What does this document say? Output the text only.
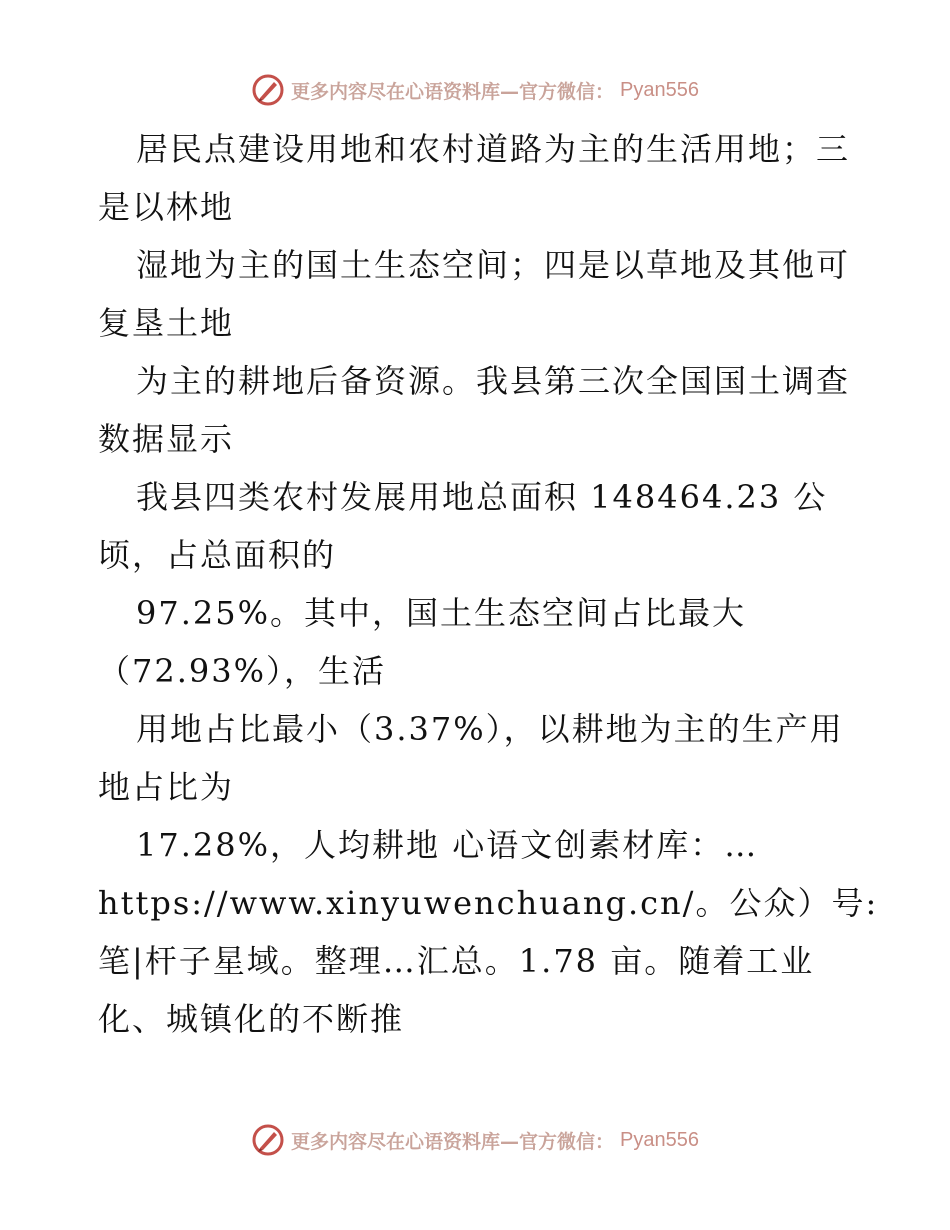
更多内容尽在心语资料库—官方微信： Pyan556
居民点建设用地和农村道路为主的生活用地；三
是以林地
湿地为主的国土生态空间；四是以草地及其他可
复垦土地
为主的耕地后备资源。我县第三次全国国土调查
数据显示
我县四类农村发展用地总面积 148464.23 公
顷，占总面积的
97.25%。其中，国土生态空间占比最大
（72.93%），生活
用地占比最小（3.37%），以耕地为主的生产用
地占比为
17.28%，人均耕地 心语文创素材库：…
https://www.xinyuwenchuang.cn/。公众）号:
笔|杆子星域。整理…汇总。1.78 亩。随着工业
化、城镇化的不断推
更多内容尽在心语资料库—官方微信： Pyan556
